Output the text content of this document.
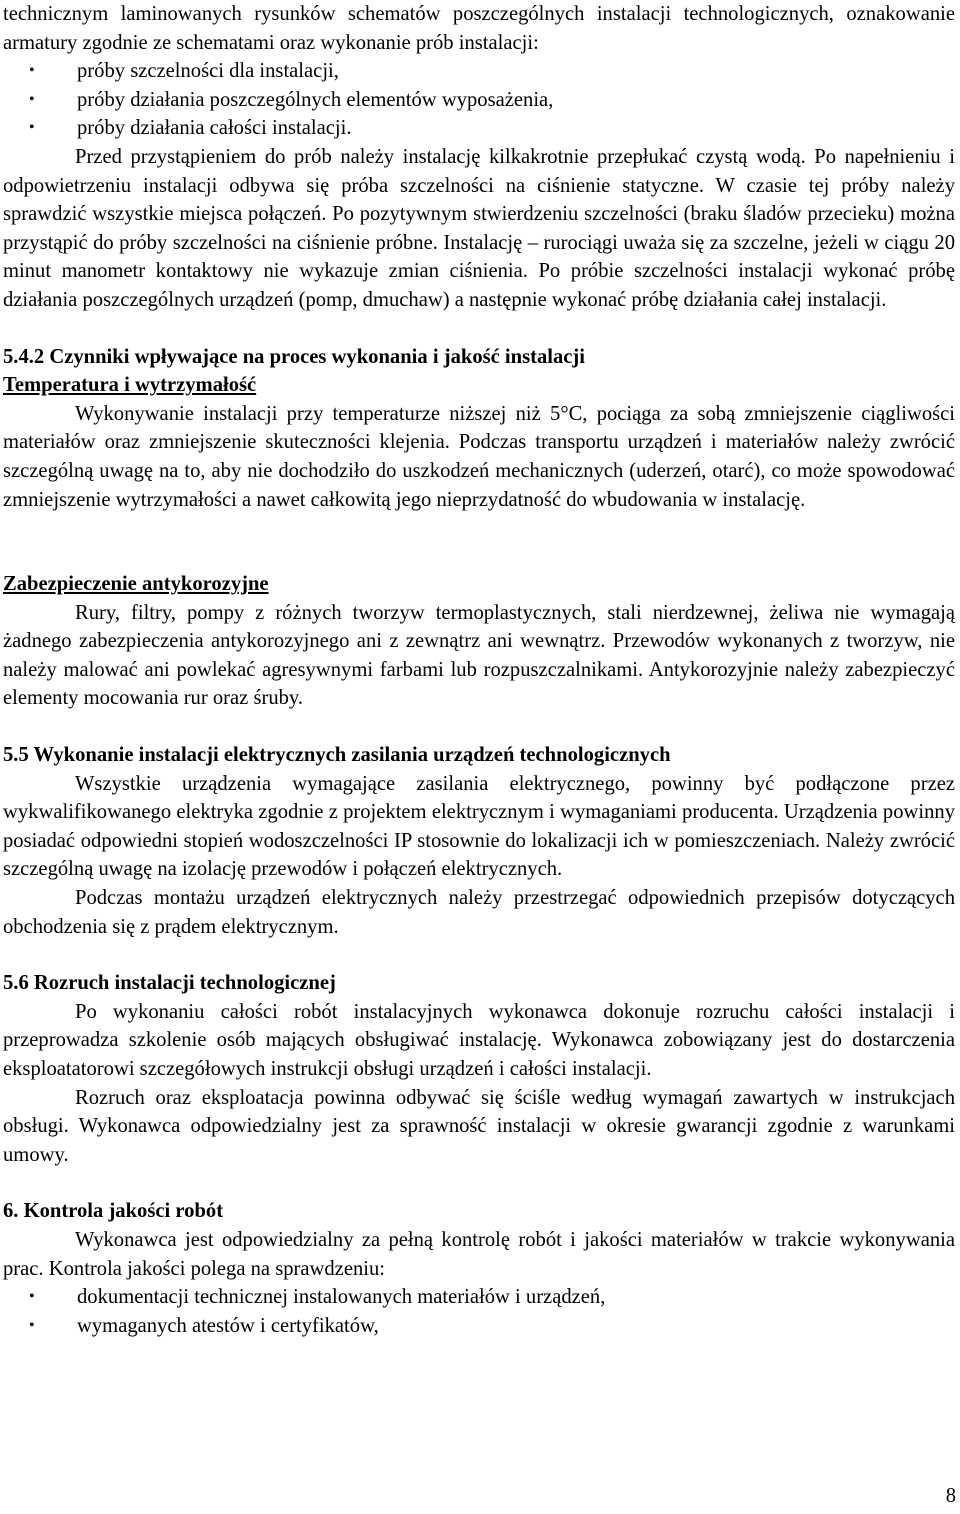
technicznym laminowanych rysunków schematów poszczególnych instalacji technologicznych, oznakowanie armatury zgodnie ze schematami oraz wykonanie prób instalacji:

•	próby szczelności dla instalacji,
•	próby działania poszczególnych elementów wyposażenia,
•	próby działania całości instalacji.

Przed przystąpieniem do prób należy instalację kilkakrotnie przepłukać czystą wodą. Po napełnieniu i odpowietrzeniu instalacji odbywa się próba szczelności na ciśnienie statyczne. W czasie tej próby należy sprawdzić wszystkie miejsca połączeń. Po pozytywnym stwierdzeniu szczelności (braku śladów przecieku) można przystąpić do próby szczelności na ciśnienie próbne. Instalację – rurociągi uważa się za szczelne, jeżeli w ciągu 20 minut manometr kontaktowy nie wykazuje zmian ciśnienia. Po próbie szczelności instalacji wykonać próbę działania poszczególnych urządzeń (pomp, dmuchaw) a następnie wykonać próbę działania całej instalacji.

5.4.2 Czynniki wpływające na proces wykonania i jakość instalacji

Temperatura i wytrzymałość

Wykonywanie instalacji przy temperaturze niższej niż 5°C, pociąga za sobą zmniejszenie ciągliwości materiałów oraz zmniejszenie skuteczności klejenia. Podczas transportu urządzeń i materiałów należy zwrócić szczególną uwagę na to, aby nie dochodziło do uszkodzeń mechanicznych (uderzeń, otarć), co może spowodować zmniejszenie wytrzymałości a nawet całkowitą jego nieprzydatność do wbudowania w instalację.

Zabezpieczenie antykorozyjne

Rury, filtry, pompy z różnych tworzyw termoplastycznych, stali nierdzewnej, żeliwa nie wymagają żadnego zabezpieczenia antykorozyjnego ani z zewnątrz ani wewnątrz. Przewodów wykonanych z tworzyw, nie należy malować ani powlekać agresywnymi farbami lub rozpuszczalnikami. Antykorozyjnie należy zabezpieczyć elementy mocowania rur oraz śruby.

5.5 Wykonanie instalacji elektrycznych zasilania urządzeń technologicznych

Wszystkie urządzenia wymagające zasilania elektrycznego, powinny być podłączone przez wykwalifikowanego elektryka zgodnie z projektem elektrycznym i wymaganiami producenta. Urządzenia powinny posiadać odpowiedni stopień wodoszczelności IP stosownie do lokalizacji ich w pomieszczeniach. Należy zwrócić szczególną uwagę na izolację przewodów i połączeń elektrycznych.

Podczas montażu urządzeń elektrycznych należy przestrzegać odpowiednich przepisów dotyczących obchodzenia się z prądem elektrycznym.

5.6 Rozruch instalacji technologicznej

Po wykonaniu całości robót instalacyjnych wykonawca dokonuje rozruchu całości instalacji i przeprowadza szkolenie osób mających obsługiwać instalację. Wykonawca zobowiązany jest do dostarczenia eksploatatorowi szczegółowych instrukcji obsługi urządzeń i całości instalacji.

Rozruch oraz eksploatacja powinna odbywać się ściśle według wymagań zawartych w instrukcjach obsługi. Wykonawca odpowiedzialny jest za sprawność instalacji w okresie gwarancji zgodnie z warunkami umowy.

6. Kontrola jakości robót

Wykonawca jest odpowiedzialny za pełną kontrolę robót i jakości materiałów w trakcie wykonywania prac. Kontrola jakości polega na sprawdzeniu:

•	dokumentacji technicznej instalowanych materiałów i urządzeń,
•	wymaganych atestów i certyfikatów,
8
